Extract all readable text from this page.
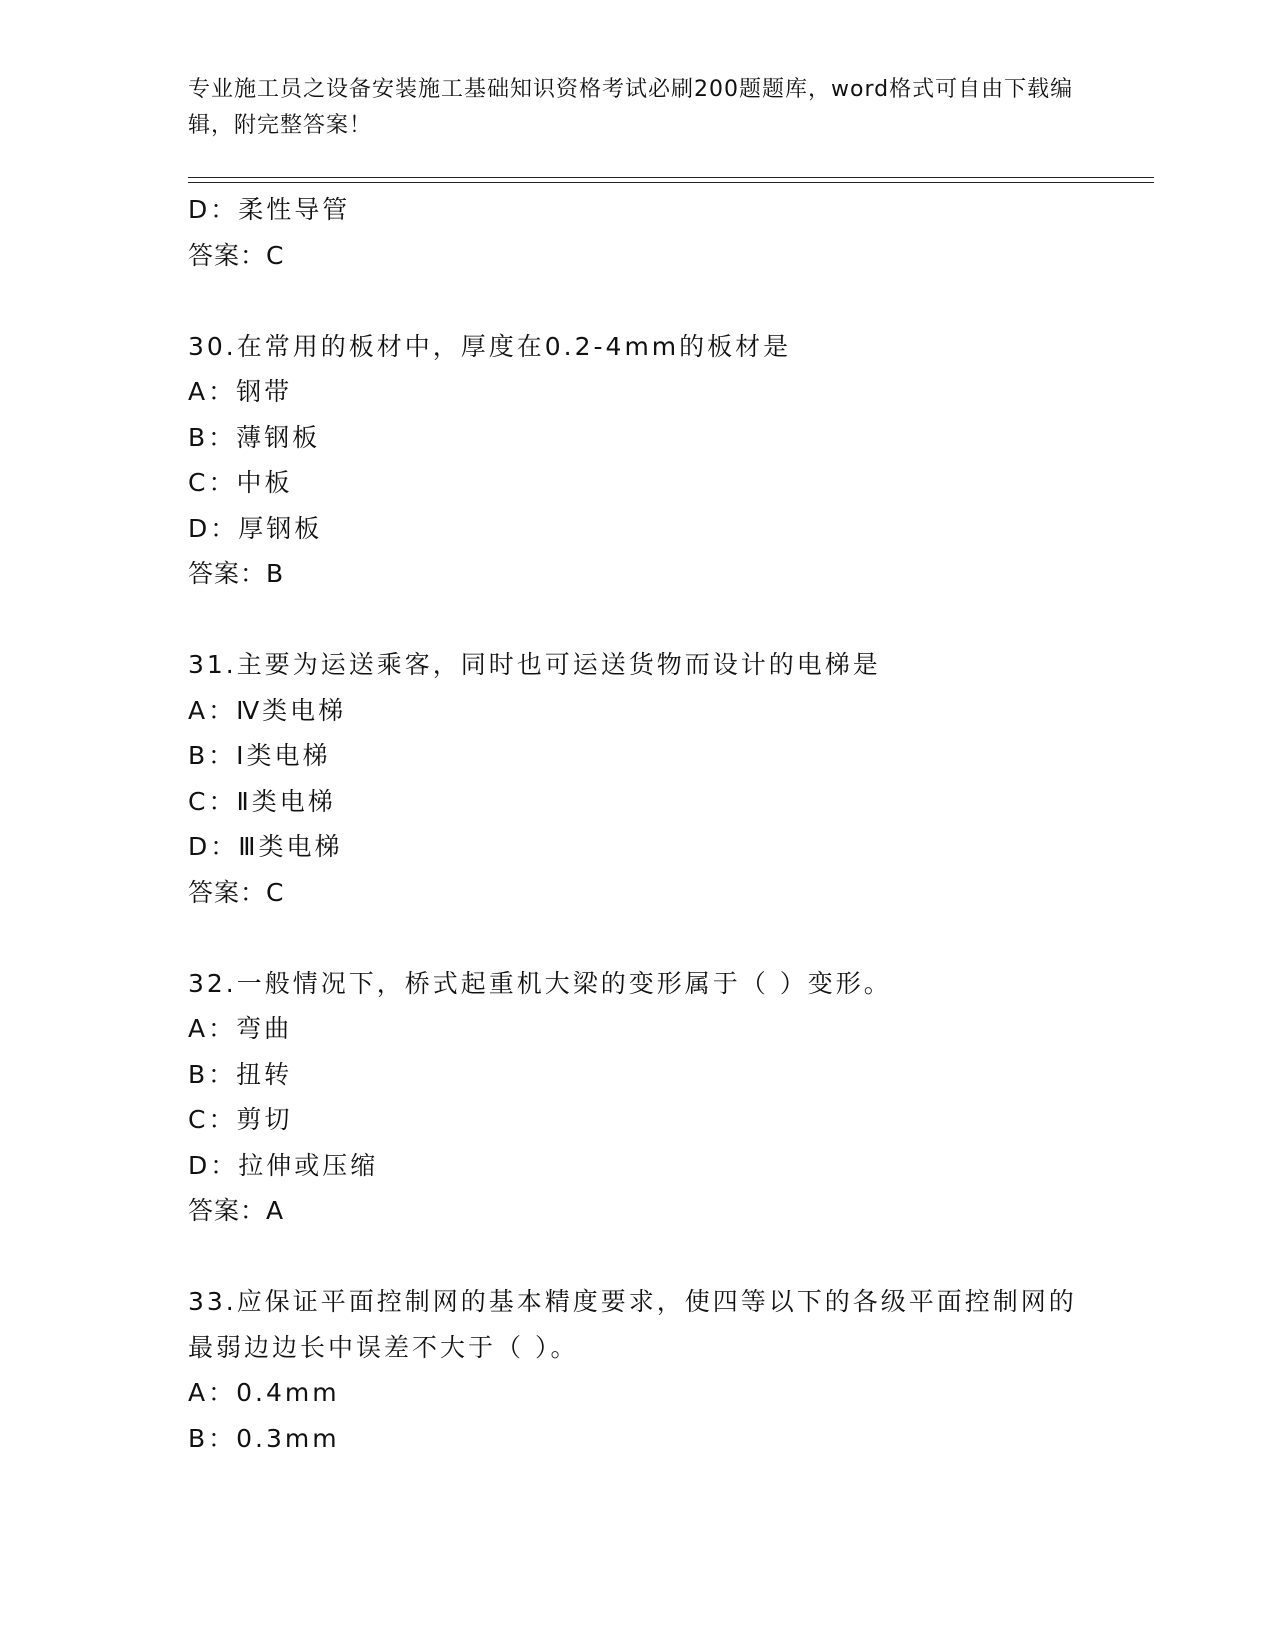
专业施工员之设备安装施工基础知识资格考试必刷200题题库，word格式可自由下载编辑，附完整答案！
D：柔性导管
答案：C
30.在常用的板材中，厚度在0.2-4mm的板材是
A：钢带
B：薄钢板
C：中板
D：厚钢板
答案：B
31.主要为运送乘客，同时也可运送货物而设计的电梯是
A：Ⅳ类电梯
B：Ⅰ类电梯
C：Ⅱ类电梯
D：Ⅲ类电梯
答案：C
32.一般情况下，桥式起重机大梁的变形属于（ ）变形。
A：弯曲
B：扭转
C：剪切
D：拉伸或压缩
答案：A
33.应保证平面控制网的基本精度要求，使四等以下的各级平面控制网的最弱边边长中误差不大于（ ）。
A：0.4mm
B：0.3mm
